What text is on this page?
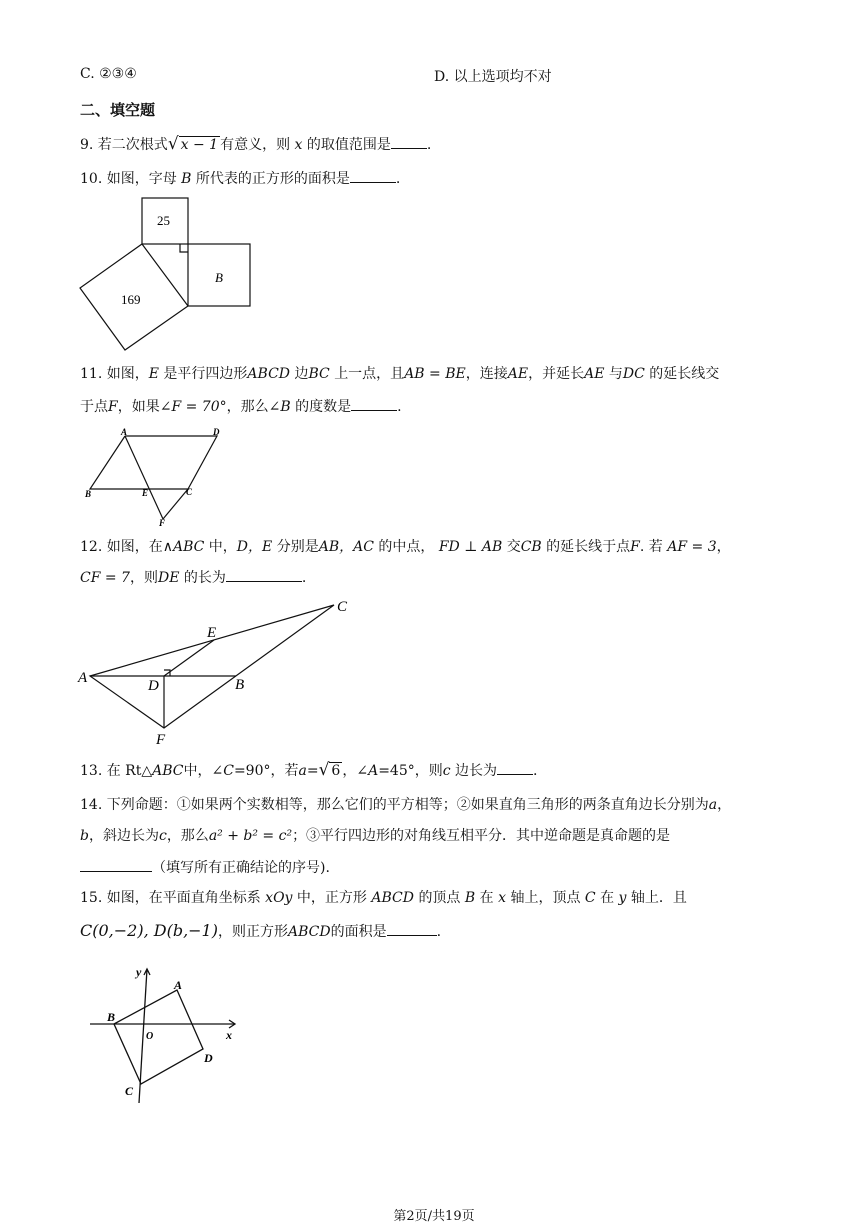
C. ②③④	D. 以上选项均不对
二、填空题
9. 若二次根式√ x − 1 有意义，则 x 的取值范围是	.
10. 如图，字母 B 所代表的正方形的面积是	.
25
169
B
11. 如图，E 是平行四边形ABCD 边BC 上一点，且AB = BE，连接AE，并延长AE 与DC 的延长线交
于点F，如果∠F = 70°，那么∠B 的度数是	.
A	D
B	E	C
F
12. 如图，在∧ABC 中，D，E 分别是AB，AC 的中点， FD ⊥ AB 交CB 的延长线于点F. 若 AF = 3，
CF = 7，则DE 的长为	.
A	B
C
D
E
F
13. 在 Rt△ABC中，∠C=90°，若a=√ 6 ，∠A=45°，则c 边长为	.
14. 下列命题：①如果两个实数相等，那么它们的平方相等；②如果直角三角形的两条直角边长分别为a，
b，斜边长为c，那么a² + b² = c²；③平行四边形的对角线互相平分．其中逆命题是真命题的是
（填写所有正确结论的序号).
15. 如图，在平面直角坐标系 xOy 中，正方形 ABCD 的顶点 B 在 x 轴上，顶点 C 在 y 轴上．且
C(0,−2), D(b,−1)，则正方形ABCD的面积是	.
y
x
O
A
B
C
D
第2页/共19页
